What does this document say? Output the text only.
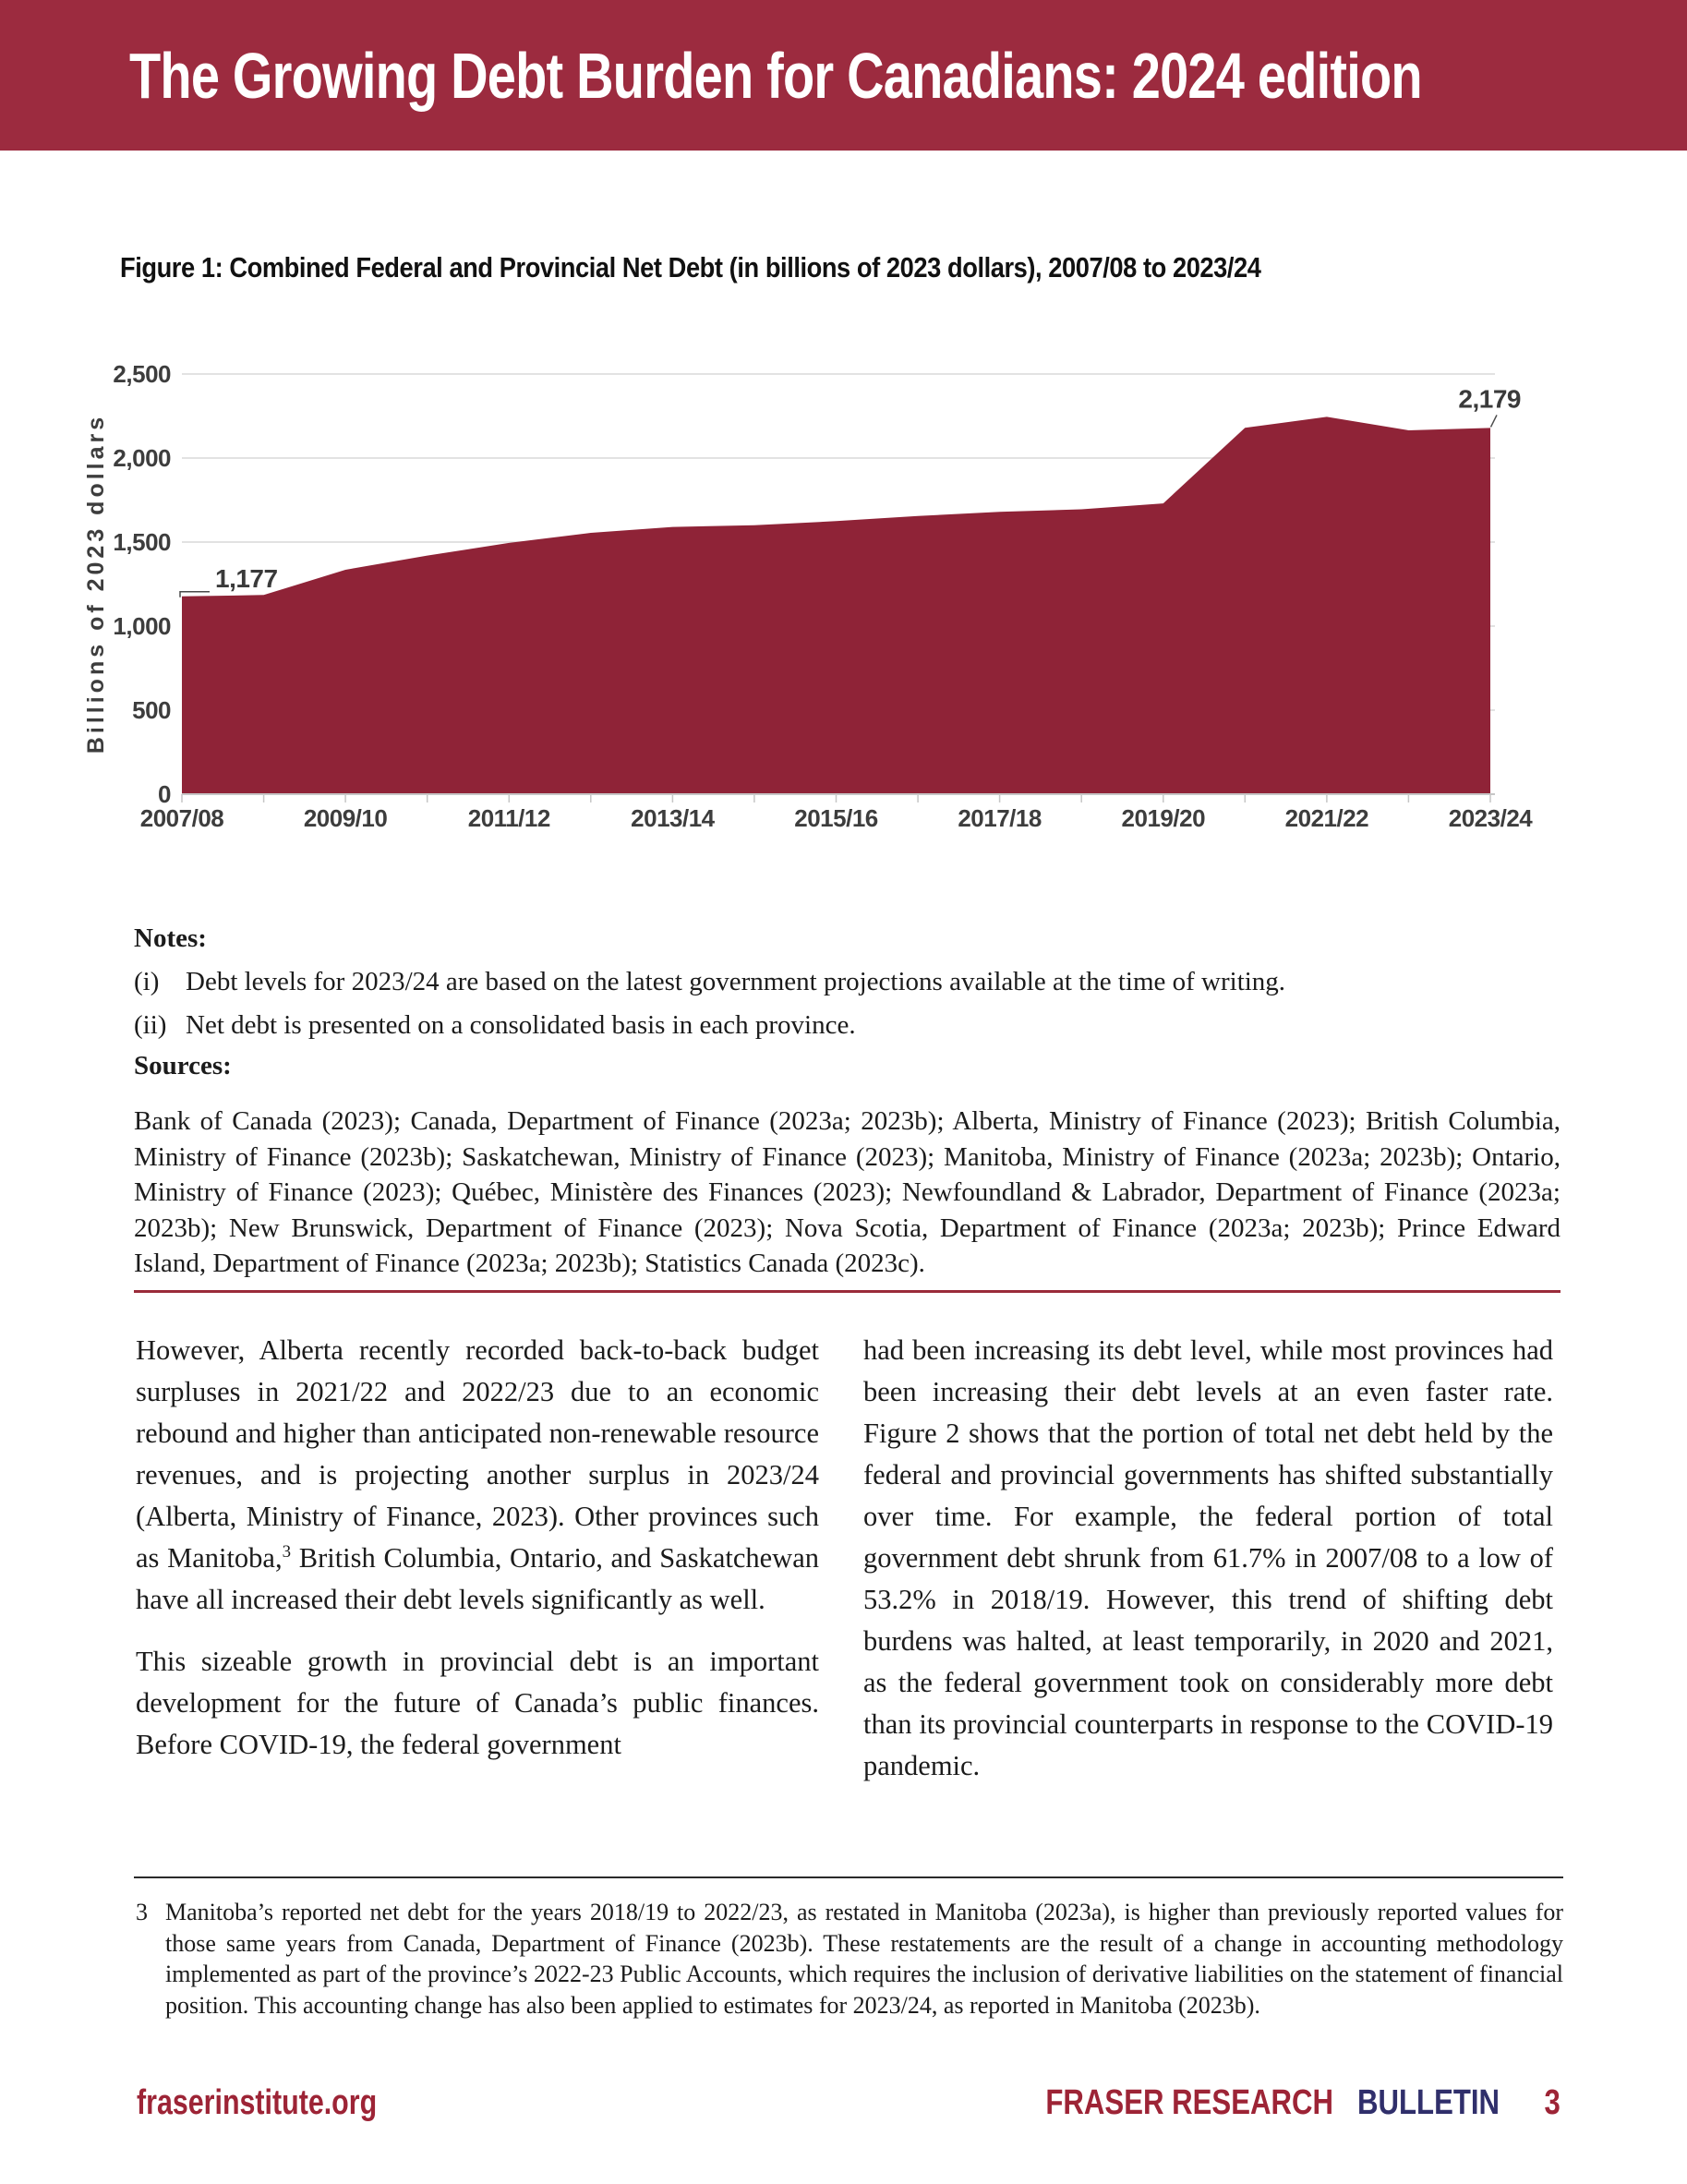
The Growing Debt Burden for Canadians: 2024 edition
Figure 1: Combined Federal and Provincial Net Debt (in billions of 2023 dollars), 2007/08 to 2023/24
0
500
1,000
1,500
2,000
2,500
2007/08	2009/10	2011/12	2013/14	2015/16	2017/18	2019/20	2021/22	2023/24
1,177
2,179
Billions of 2023 dollars
Notes:
(i) Debt levels for 2023/24 are based on the latest government projections available at the time of writing.
(ii) Net debt is presented on a consolidated basis in each province.
Sources:
Bank of Canada (2023); Canada, Department of Finance (2023a; 2023b); Alberta, Ministry of Finance (2023); British Columbia, Ministry of Finance (2023b); Saskatchewan, Ministry of Finance (2023); Manitoba, Ministry of Finance (2023a; 2023b); Ontario, Ministry of Finance (2023); Québec, Ministère des Finances (2023); Newfoundland & Labrador, Department of Finance (2023a; 2023b); New Brunswick, Department of Finance (2023); Nova Scotia, Department of Finance (2023a; 2023b); Prince Edward Island, Department of Finance (2023a; 2023b); Statistics Canada (2023c).

However, Alberta recently recorded back-to-back budget surpluses in 2021/22 and 2022/23 due to an economic rebound and higher than anticipated non-renewable resource revenues, and is projecting another surplus in 2023/24 (Alberta, Ministry of Finance, 2023). Other provinces such as Manitoba,$^3$ British Columbia, Ontario, and Saskatchewan have all increased their debt levels significantly as well.

This sizeable growth in provincial debt is an important development for the future of Canada’s public finances. Before COVID-19, the federal government

had been increasing its debt level, while most provinces had been increasing their debt levels at an even faster rate. Figure 2 shows that the portion of total net debt held by the federal and provincial governments has shifted substantially over time. For example, the federal portion of total government debt shrunk from 61.7% in 2007/08 to a low of 53.2% in 2018/19. However, this trend of shifting debt burdens was halted, at least temporarily, in 2020 and 2021, as the federal government took on considerably more debt than its provincial counterparts in response to the COVID-19 pandemic.

3 Manitoba’s reported net debt for the years 2018/19 to 2022/23, as restated in Manitoba (2023a), is higher than previously reported values for those same years from Canada, Department of Finance (2023b). These restatements are the result of a change in accounting methodology implemented as part of the province’s 2022-23 Public Accounts, which requires the inclusion of derivative liabilities on the statement of financial position. This accounting change has also been applied to estimates for 2023/24, as reported in Manitoba (2023b).
fraserinstitute.org	FRASER RESEARCH BULLETIN 3
